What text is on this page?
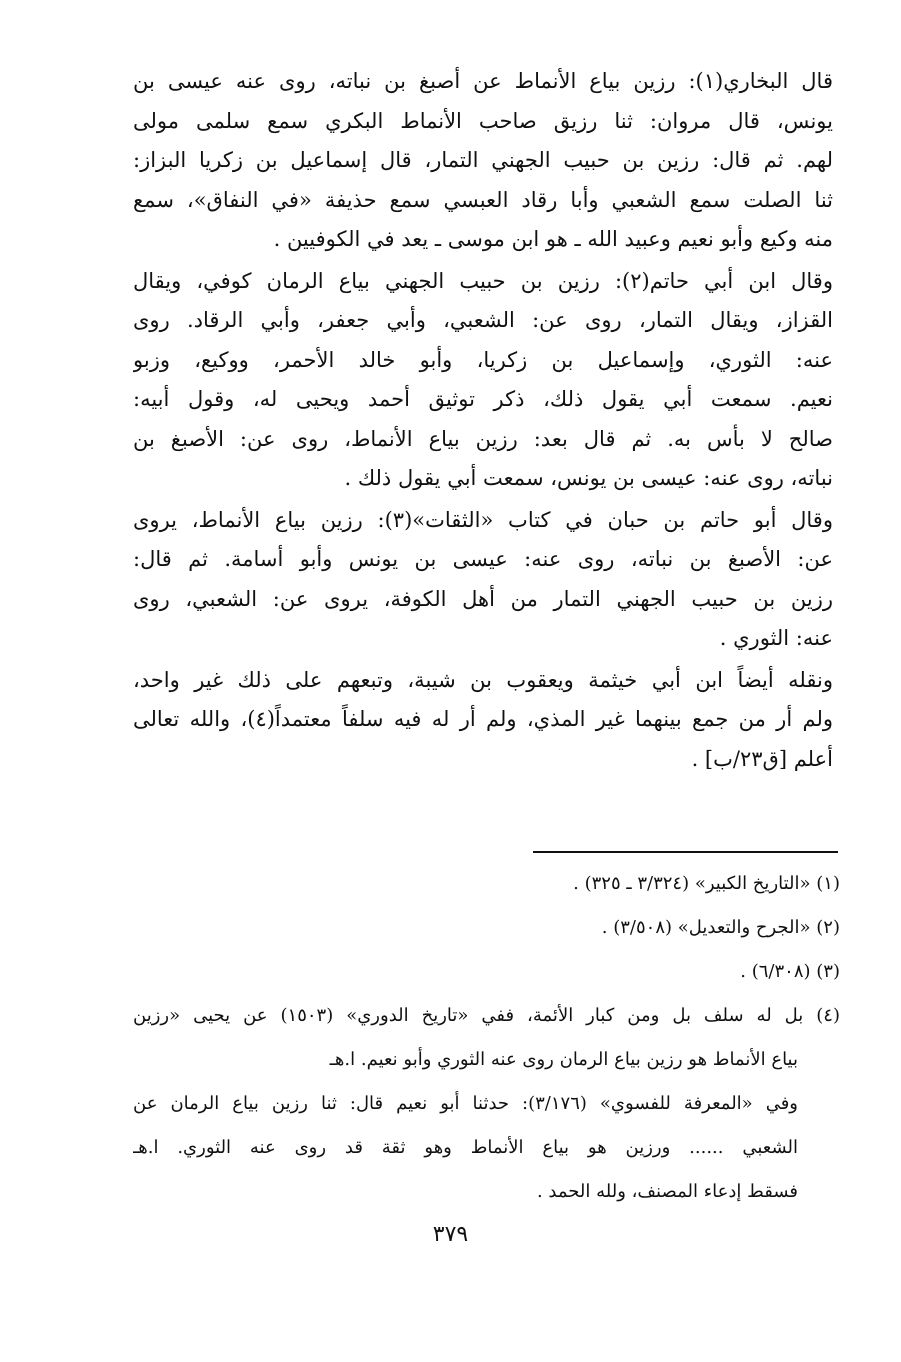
قال البخاري(١): رزين بياع الأنماط عن أصبغ بن نباته، روى عنه عيسى بن
يونس، قال مروان: ثنا رزيق صاحب الأنماط البكري سمع سلمى مولى
لهم. ثم قال: رزين بن حبيب الجهني التمار، قال إسماعيل بن زكريا البزاز:
ثنا الصلت سمع الشعبي وأبا رقاد العبسي سمع حذيفة «في النفاق»، سمع
منه وكيع وأبو نعيم وعبيد الله ـ هو ابن موسى ـ يعد في الكوفيين .
وقال ابن أبي حاتم(٢): رزين بن حبيب الجهني بياع الرمان كوفي، ويقال
القزاز، ويقال التمار، روى عن: الشعبي، وأبي جعفر، وأبي الرقاد. روى
عنه: الثوري، وإسماعيل بن زكريا، وأبو خالد الأحمر، ووكيع، وزبو
نعيم. سمعت أبي يقول ذلك، ذكر توثيق أحمد ويحيى له، وقول أبيه:
صالح لا بأس به. ثم قال بعد: رزين بياع الأنماط، روى عن: الأصبغ بن
نباته، روى عنه: عيسى بن يونس، سمعت أبي يقول ذلك .
وقال أبو حاتم بن حبان في كتاب «الثقات»(٣): رزين بياع الأنماط، يروى
عن: الأصبغ بن نباته، روى عنه: عيسى بن يونس وأبو أسامة. ثم قال:
رزين بن حبيب الجهني التمار من أهل الكوفة، يروى عن: الشعبي، روى
عنه: الثوري .
ونقله أيضاً ابن أبي خيثمة ويعقوب بن شيبة، وتبعهم على ذلك غير واحد،
ولم أر من جمع بينهما غير المذي، ولم أر له فيه سلفاً معتمداً(٤)، والله تعالى
أعلم [ق٢٣/ب] .
(١) «التاريخ الكبير» (٣/٣٢٤ ـ ٣٢٥) .
(٢) «الجرح والتعديل» (٣/٥٠٨) .
(٣) (٦/٣٠٨) .
(٤) بل له سلف بل ومن كبار الأئمة، ففي «تاريخ الدوري» (١٥٠٣) عن يحيى «رزين
بياع الأنماط هو رزين بياع الرمان روى عنه الثوري وأبو نعيم. ا.هـ
وفي «المعرفة للفسوي» (٣/١٧٦): حدثنا أبو نعيم قال: ثنا رزين بياع الرمان عن
الشعبي ...... ورزين هو بياع الأنماط وهو ثقة قد روى عنه الثوري. ا.هـ
فسقط إدعاء المصنف، ولله الحمد .
٣٧٩
